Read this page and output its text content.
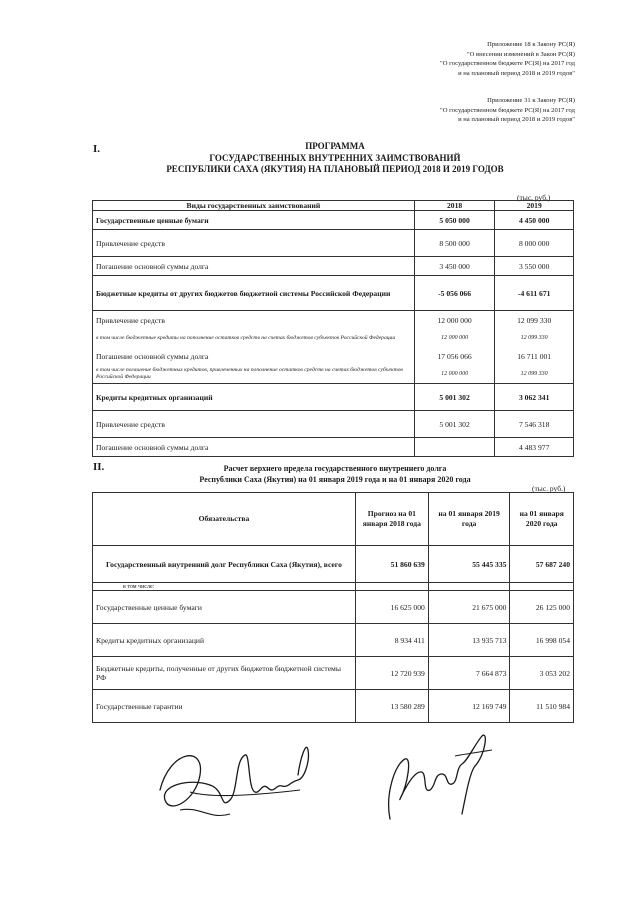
Приложение 18 к Закону РС(Я)
"О внесении изменений в Закон РС(Я)
"О государственном бюджете РС(Я) на 2017 год
и на плановый период 2018 и 2019 годов"
Приложение 31 к Закону РС(Я)
"О государственном бюджете РС(Я) на 2017 год
и на плановый период 2018 и 2019 годов"
I.	ПРОГРАММА
ГОСУДАРСТВЕННЫХ ВНУТРЕННИХ ЗАИМСТВОВАНИЙ
РЕСПУБЛИКИ САХА (ЯКУТИЯ) НА ПЛАНОВЫЙ ПЕРИОД 2018 И 2019 ГОДОВ
(тыс. руб.)
Виды государственных заимствований	2018	2019
Государственные ценные бумаги	5 050 000	4 450 000
Привлечение средств	8 500 000	8 000 000
Погашение основной суммы долга	3 450 000	3 550 000
Бюджетные кредиты от других бюджетов бюджетной системы Российской Федерации	-5 056 066	-4 611 671
Привлечение средств	12 000 000	12 099 330
в том числе бюджетные кредиты на пополнение остатков средств на счетах бюджетов субъектов Российской Федерации	12 000 000	12 099 330
Погашение основной суммы долга	17 056 066	16 711 001
в том числе погашение бюджетных кредитов, привлеченных на пополнение остатков средств на счетах бюджетов субъектов Российской Федерации	12 000 000	12 099 330
Кредиты кредитных организаций	5 001 302	3 062 341
Привлечение средств	5 001 302	7 546 318
Погашение основной суммы долга		4 483 977
II.	Расчет верхнего предела государственного внутреннего долга
Республики Саха (Якутия) на 01 января 2019 года и на 01 января 2020 года
(тыс. руб.)
Обязательства	Прогноз на 01 января 2018 года	на 01 января 2019 года	на 01 января 2020 года
Государственный внутренний долг Республики Саха (Якутия), всего	51 860 639	55 445 335	57 687 240
в том числе:			
Государственные ценные бумаги	16 625 000	21 675 000	26 125 000
Кредиты кредитных организаций	8 934 411	13 935 713	16 998 054
Бюджетные кредиты, полученные от других бюджетов бюджетной системы РФ	12 720 939	7 664 873	3 053 202
Государственные гарантии	13 580 289	12 169 749	11 510 984
